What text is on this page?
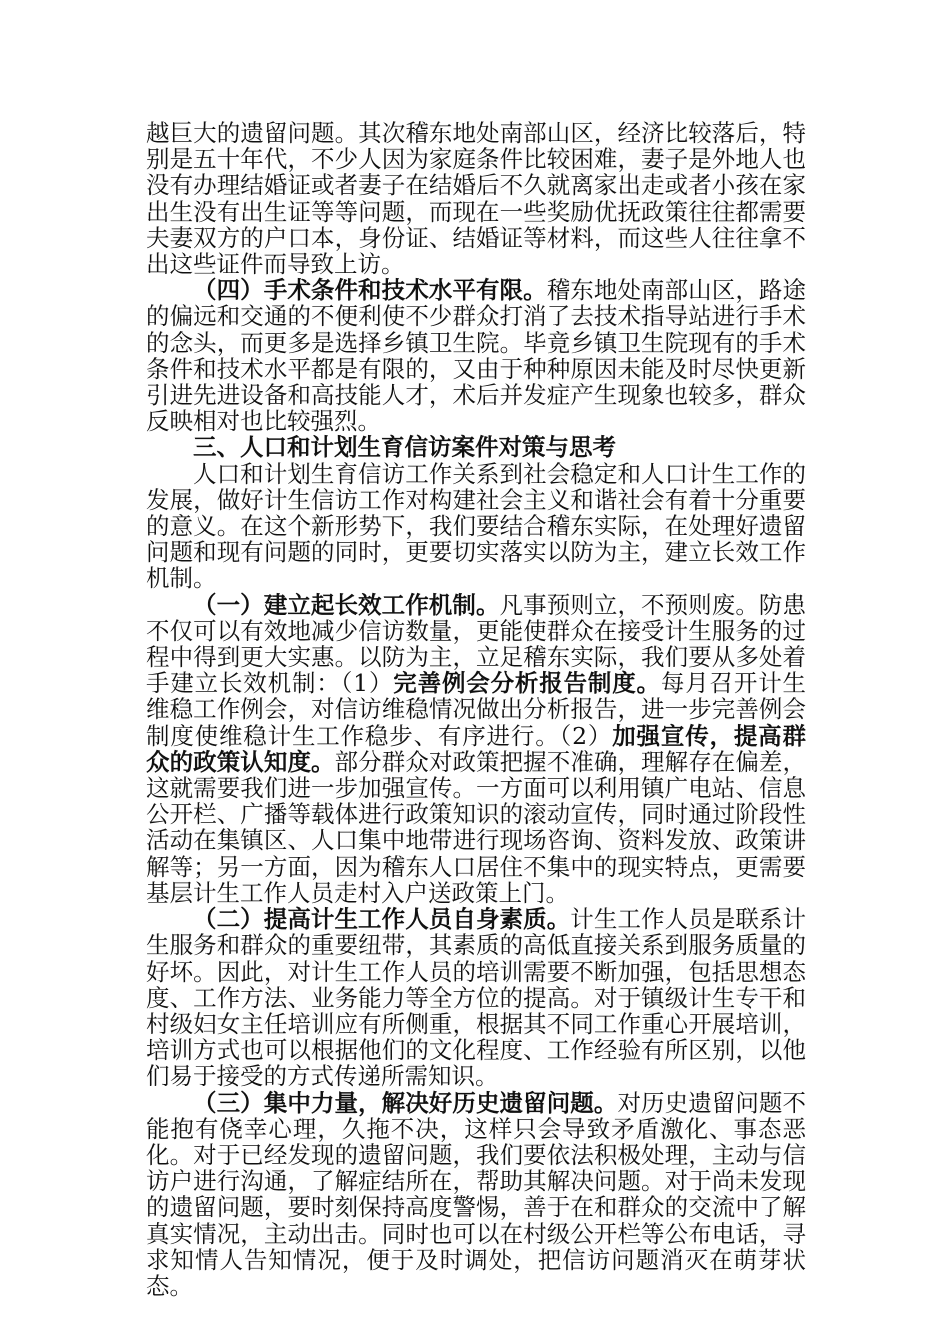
越巨大的遗留问题。其次稽东地处南部山区，经济比较落后，特别是五十年代，不少人因为家庭条件比较困难，妻子是外地人也没有办理结婚证或者妻子在结婚后不久就离家出走或者小孩在家出生没有出生证等等问题，而现在一些奖励优抚政策往往都需要夫妻双方的户口本，身份证、结婚证等材料，而这些人往往拿不出这些证件而导致上访。

（四）手术条件和技术水平有限。稽东地处南部山区，路途的偏远和交通的不便利使不少群众打消了去技术指导站进行手术的念头，而更多是选择乡镇卫生院。毕竟乡镇卫生院现有的手术条件和技术水平都是有限的，又由于种种原因未能及时尽快更新引进先进设备和高技能人才，术后并发症产生现象也较多，群众反映相对也比较强烈。

三、人口和计划生育信访案件对策与思考

人口和计划生育信访工作关系到社会稳定和人口计生工作的发展，做好计生信访工作对构建社会主义和谐社会有着十分重要的意义。在这个新形势下，我们要结合稽东实际，在处理好遗留问题和现有问题的同时，更要切实落实以防为主，建立长效工作机制。

（一）建立起长效工作机制。凡事预则立，不预则废。防患不仅可以有效地减少信访数量，更能使群众在接受计生服务的过程中得到更大实惠。以防为主，立足稽东实际，我们要从多处着手建立长效机制：（1）完善例会分析报告制度。每月召开计生维稳工作例会，对信访维稳情况做出分析报告，进一步完善例会制度使维稳计生工作稳步、有序进行。（2）加强宣传，提高群众的政策认知度。部分群众对政策把握不准确，理解存在偏差，这就需要我们进一步加强宣传。一方面可以利用镇广电站、信息公开栏、广播等载体进行政策知识的滚动宣传，同时通过阶段性活动在集镇区、人口集中地带进行现场咨询、资料发放、政策讲解等；另一方面，因为稽东人口居住不集中的现实特点，更需要基层计生工作人员走村入户送政策上门。

（二）提高计生工作人员自身素质。计生工作人员是联系计生服务和群众的重要纽带，其素质的高低直接关系到服务质量的好坏。因此，对计生工作人员的培训需要不断加强，包括思想态度、工作方法、业务能力等全方位的提高。对于镇级计生专干和村级妇女主任培训应有所侧重，根据其不同工作重心开展培训，培训方式也可以根据他们的文化程度、工作经验有所区别，以他们易于接受的方式传递所需知识。

（三）集中力量，解决好历史遗留问题。对历史遗留问题不能抱有侥幸心理，久拖不决，这样只会导致矛盾激化、事态恶化。对于已经发现的遗留问题，我们要依法积极处理，主动与信访户进行沟通，了解症结所在，帮助其解决问题。对于尚未发现的遗留问题，要时刻保持高度警惕，善于在和群众的交流中了解真实情况，主动出击。同时也可以在村级公开栏等公布电话，寻求知情人告知情况，便于及时调处，把信访问题消灭在萌芽状态。
